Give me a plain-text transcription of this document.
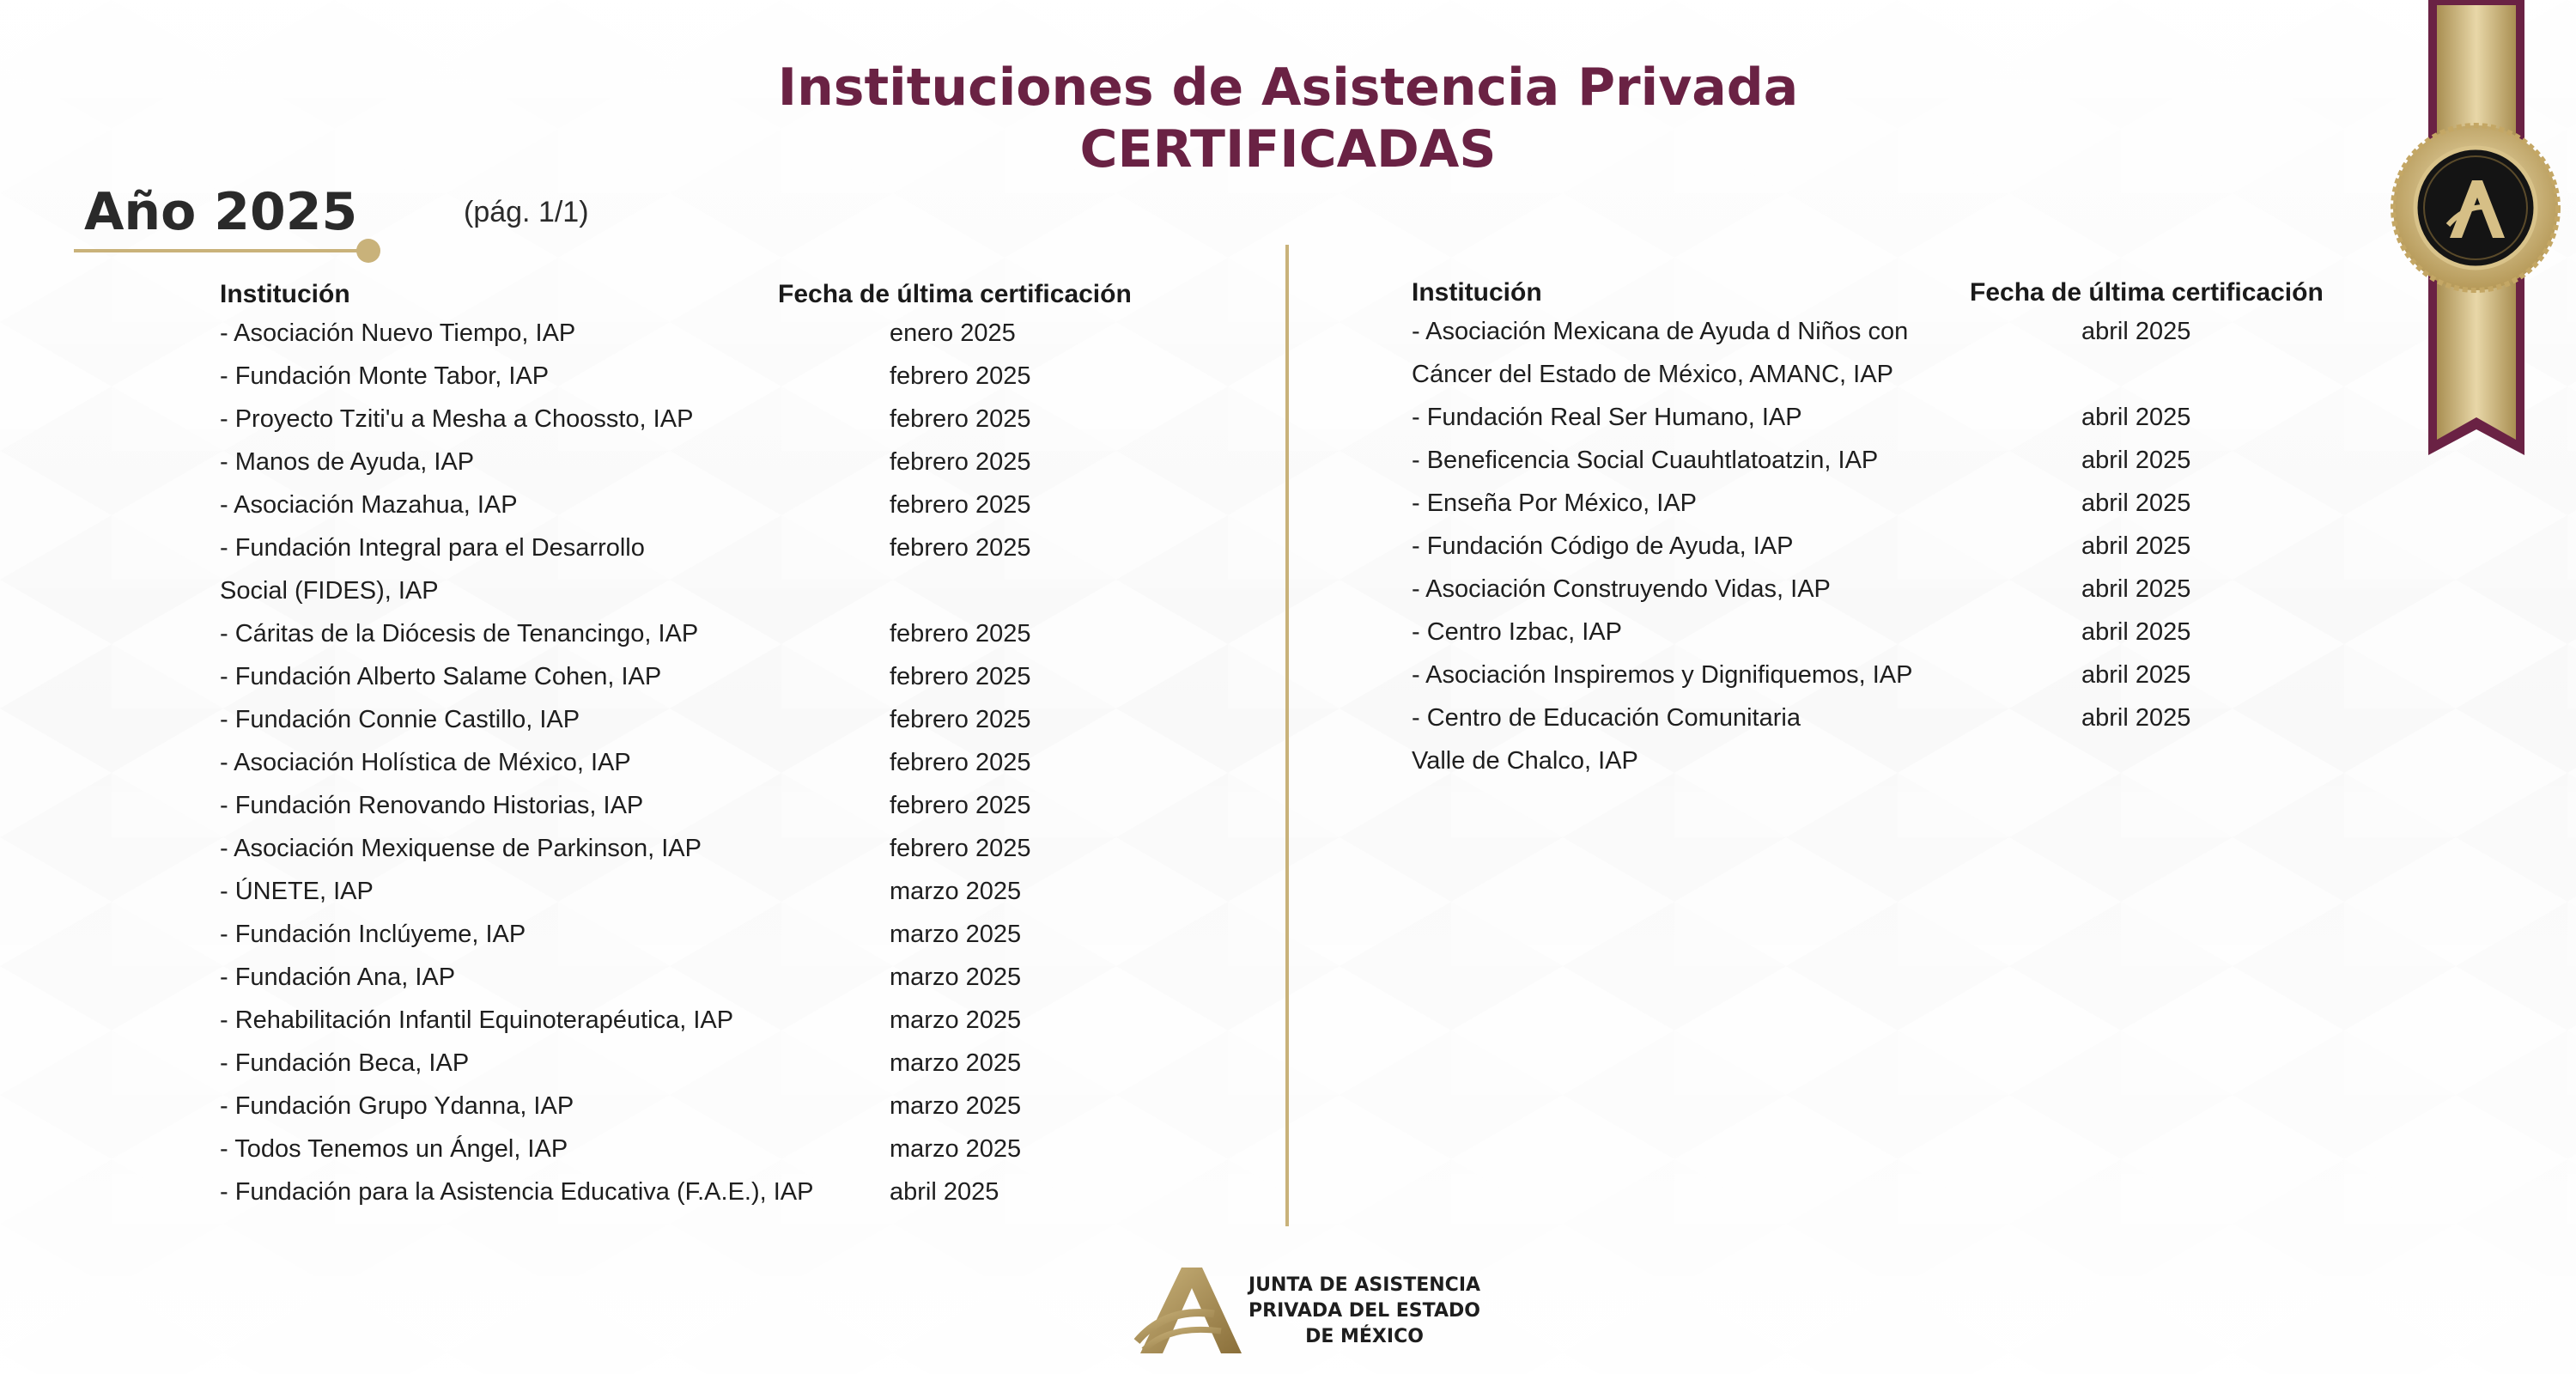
Instituciones de Asistencia Privada
CERTIFICADAS
Año 2025	(pág. 1/1)
Institución	Fecha de última certificación	Institución	Fecha de última certificación
- Asociación Nuevo Tiempo, IAP	enero 2025
- Fundación Monte Tabor, IAP	febrero 2025
- Proyecto Tziti'u a Mesha a Choossto, IAP	febrero 2025
- Manos de Ayuda, IAP	febrero 2025
- Asociación Mazahua, IAP	febrero 2025
- Fundación Integral para el Desarrollo	febrero 2025
Social (FIDES), IAP
- Cáritas de la Diócesis de Tenancingo, IAP	febrero 2025
- Fundación Alberto Salame Cohen, IAP	febrero 2025
- Fundación Connie Castillo, IAP	febrero 2025
- Asociación Holística de México, IAP	febrero 2025
- Fundación Renovando Historias, IAP	febrero 2025
- Asociación Mexiquense de Parkinson, IAP	febrero 2025
- ÚNETE, IAP	marzo 2025
- Fundación Inclúyeme, IAP	marzo 2025
- Fundación Ana, IAP	marzo 2025
- Rehabilitación Infantil Equinoterapéutica, IAP	marzo 2025
- Fundación Beca, IAP	marzo 2025
- Fundación Grupo Ydanna, IAP	marzo 2025
- Todos Tenemos un Ángel, IAP	marzo 2025
- Fundación para la Asistencia Educativa (F.A.E.), IAP	abril 2025
- Asociación Mexicana de Ayuda d Niños con	abril 2025
Cáncer del Estado de México, AMANC, IAP
- Fundación Real Ser Humano, IAP	abril 2025
- Beneficencia Social Cuauhtlatoatzin, IAP	abril 2025
- Enseña Por México, IAP	abril 2025
- Fundación Código de Ayuda, IAP	abril 2025
- Asociación Construyendo Vidas, IAP	abril 2025
- Centro Izbac, IAP	abril 2025
- Asociación Inspiremos y Dignifiquemos, IAP	abril 2025
- Centro de Educación Comunitaria	abril 2025
Valle de Chalco, IAP
JUNTA DE ASISTENCIA
PRIVADA DEL ESTADO
DE MÉXICO
